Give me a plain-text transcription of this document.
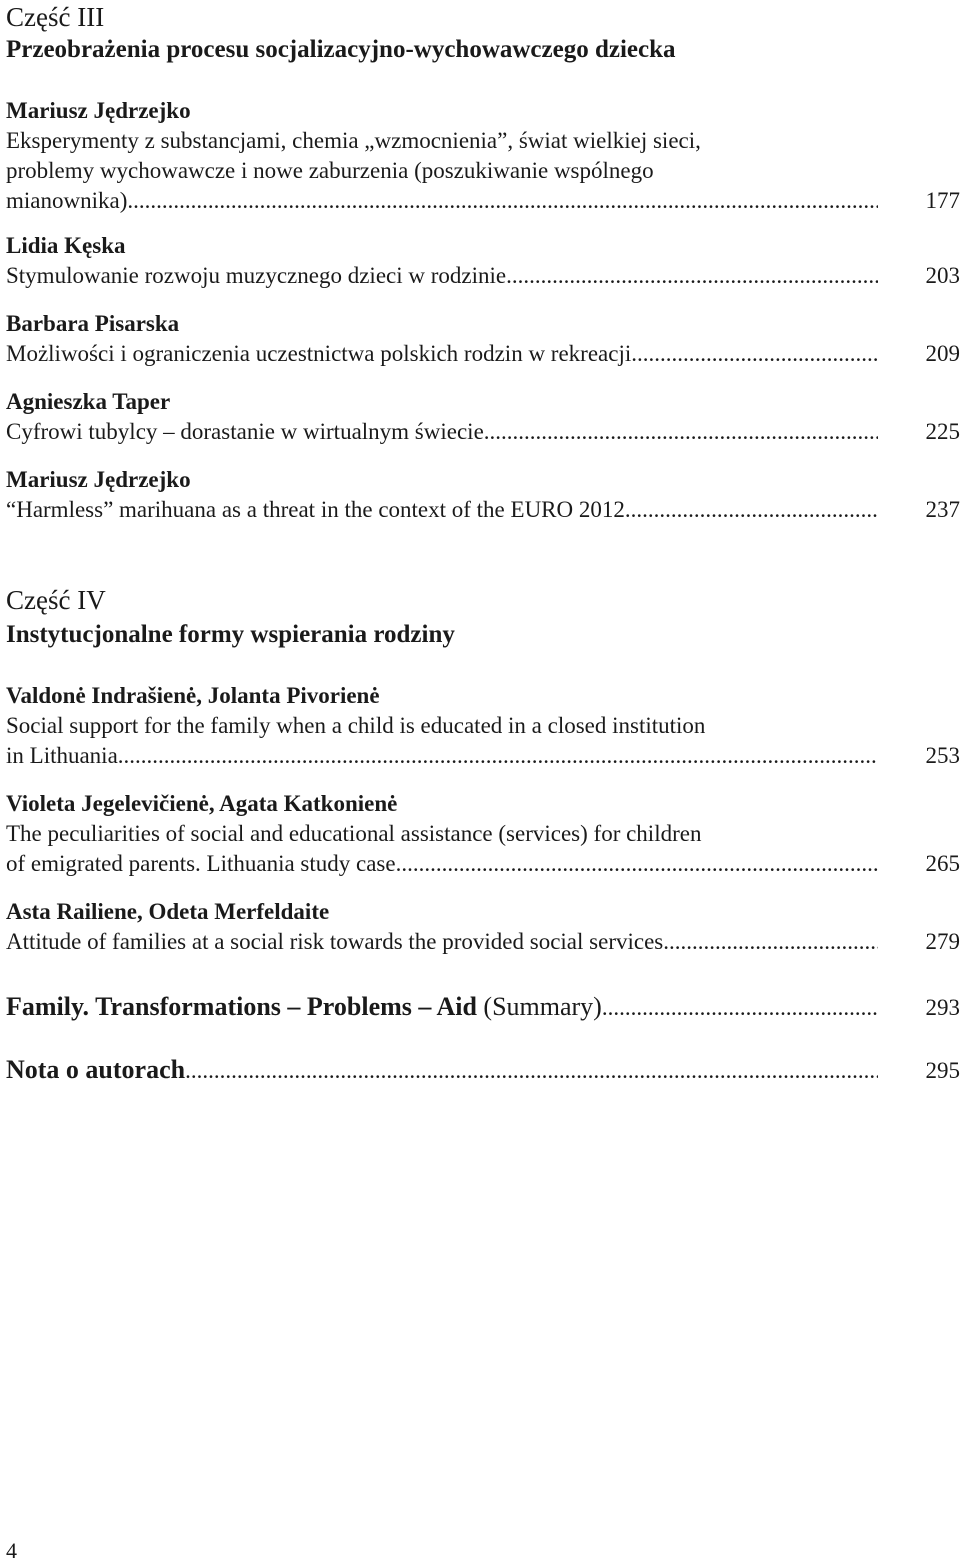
Część III
Przeobrażenia procesu socjalizacyjno-wychowawczego dziecka
Mariusz Jędrzejko
Eksperymenty z substancjami, chemia „wzmocnienia”, świat wielkiej sieci,
problemy wychowawcze i nowe zaburzenia (poszukiwanie wspólnego
mianownika) .....	177
Lidia Kęska
Stymulowanie rozwoju muzycznego dzieci w rodzinie .....	203
Barbara Pisarska
Możliwości i ograniczenia uczestnictwa polskich rodzin w rekreacji .....	209
Agnieszka Taper
Cyfrowi tubylcy – dorastanie w wirtualnym świecie .....	225
Mariusz Jędrzejko
“Harmless” marihuana as a threat in the context of the EURO 2012 .....	237
Część IV
Instytucjonalne formy wspierania rodziny
Valdonė Indrašienė, Jolanta Pivorienė
Social support for the family when a child is educated in a closed institution
in Lithuania .....	253
Violeta Jegelevičienė, Agata Katkonienė
The peculiarities of social and educational assistance (services) for children
of emigrated parents. Lithuania study case .....	265
Asta Railiene, Odeta Merfeldaite
Attitude of families at a social risk towards the provided social services .....	279
Family. Transformations – Problems – Aid (Summary) .....	293
Nota o autorach .....	295
4
